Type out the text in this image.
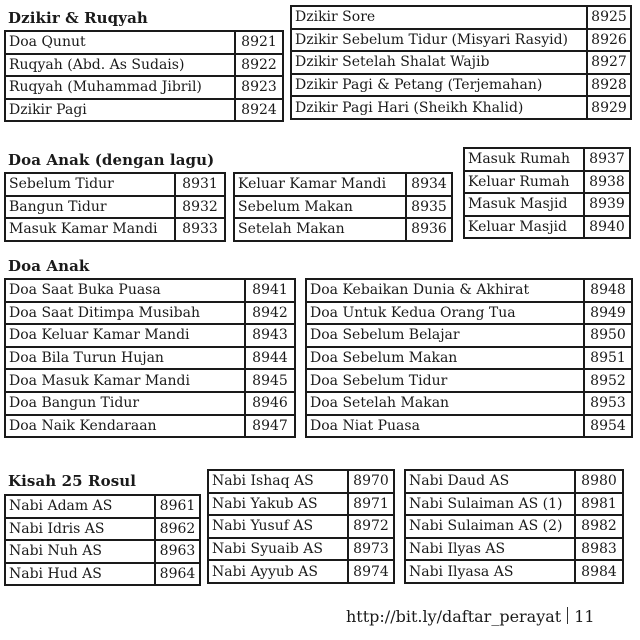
Dzikir & Ruqyah
Doa Anak (dengan lagu)
Doa Anak
Kisah 25 Rosul
Doa Qunut	8921
Ruqyah (Abd. As Sudais)	8922
Ruqyah (Muhammad Jibril)	8923
Dzikir Pagi	8924
Dzikir Sore	8925
Dzikir Sebelum Tidur (Misyari Rasyid)	8926
Dzikir Setelah Shalat Wajib	8927
Dzikir Pagi & Petang (Terjemahan)	8928
Dzikir Pagi Hari (Sheikh Khalid)	8929
Sebelum Tidur	8931
Bangun Tidur	8932
Masuk Kamar Mandi	8933
Keluar Kamar Mandi	8934
Sebelum Makan	8935
Setelah Makan	8936
Masuk Rumah	8937
Keluar Rumah	8938
Masuk Masjid	8939
Keluar Masjid	8940
Doa Saat Buka Puasa	8941
Doa Saat Ditimpa Musibah	8942
Doa Keluar Kamar Mandi	8943
Doa Bila Turun Hujan	8944
Doa Masuk Kamar Mandi	8945
Doa Bangun Tidur	8946
Doa Naik Kendaraan	8947
Doa Kebaikan Dunia & Akhirat	8948
Doa Untuk Kedua Orang Tua	8949
Doa Sebelum Belajar	8950
Doa Sebelum Makan	8951
Doa Sebelum Tidur	8952
Doa Setelah Makan	8953
Doa Niat Puasa	8954
Nabi Adam AS	8961
Nabi Idris AS	8962
Nabi Nuh AS	8963
Nabi Hud AS	8964
Nabi Ishaq AS	8970
Nabi Yakub AS	8971
Nabi Yusuf AS	8972
Nabi Syuaib AS	8973
Nabi Ayyub AS	8974
Nabi Daud AS	8980
Nabi Sulaiman AS (1)	8981
Nabi Sulaiman AS (2)	8982
Nabi Ilyas AS	8983
Nabi Ilyasa AS	8984
http://bit.ly/daftar_perayat 11
